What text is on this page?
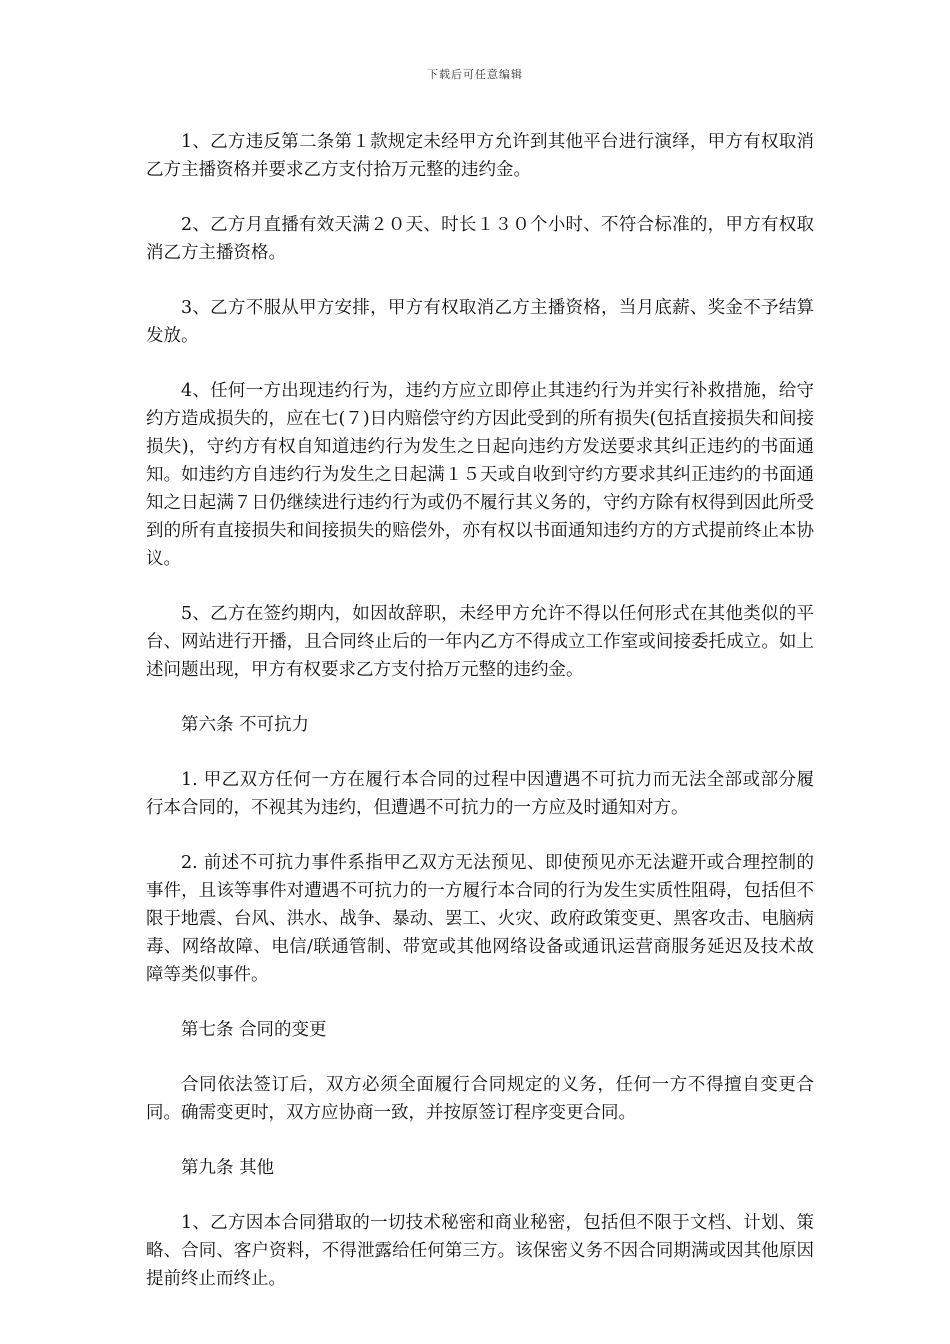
下载后可任意编辑

1、乙方违反第二条第１款规定未经甲方允许到其他平台进行演绎，甲方有权取消乙方主播资格并要求乙方支付拾万元整的违约金。

2、乙方月直播有效天满２０天、时长１３０个小时、不符合标准的，甲方有权取消乙方主播资格。

3、乙方不服从甲方安排，甲方有权取消乙方主播资格，当月底薪、奖金不予结算发放。

4、任何一方出现违约行为，违约方应立即停止其违约行为并实行补救措施，给守约方造成损失的，应在七(７)日内赔偿守约方因此受到的所有损失(包括直接损失和间接损失)，守约方有权自知道违约行为发生之日起向违约方发送要求其纠正违约的书面通知。如违约方自违约行为发生之日起满１５天或自收到守约方要求其纠正违约的书面通知之日起满７日仍继续进行违约行为或仍不履行其义务的，守约方除有权得到因此所受到的所有直接损失和间接损失的赔偿外，亦有权以书面通知违约方的方式提前终止本协议。

5、乙方在签约期内，如因故辞职，未经甲方允许不得以任何形式在其他类似的平台、网站进行开播，且合同终止后的一年内乙方不得成立工作室或间接委托成立。如上述问题出现，甲方有权要求乙方支付拾万元整的违约金。

第六条 不可抗力

1. 甲乙双方任何一方在履行本合同的过程中因遭遇不可抗力而无法全部或部分履行本合同的，不视其为违约，但遭遇不可抗力的一方应及时通知对方。

2. 前述不可抗力事件系指甲乙双方无法预见、即使预见亦无法避开或合理控制的事件，且该等事件对遭遇不可抗力的一方履行本合同的行为发生实质性阻碍，包括但不限于地震、台风、洪水、战争、暴动、罢工、火灾、政府政策变更、黑客攻击、电脑病毒、网络故障、电信/联通管制、带宽或其他网络设备或通讯运营商服务延迟及技术故障等类似事件。

第七条 合同的变更

合同依法签订后，双方必须全面履行合同规定的义务，任何一方不得擅自变更合同。确需变更时，双方应协商一致，并按原签订程序变更合同。

第九条 其他

1、乙方因本合同猎取的一切技术秘密和商业秘密，包括但不限于文档、计划、策略、合同、客户资料，不得泄露给任何第三方。该保密义务不因合同期满或因其他原因提前终止而终止。
